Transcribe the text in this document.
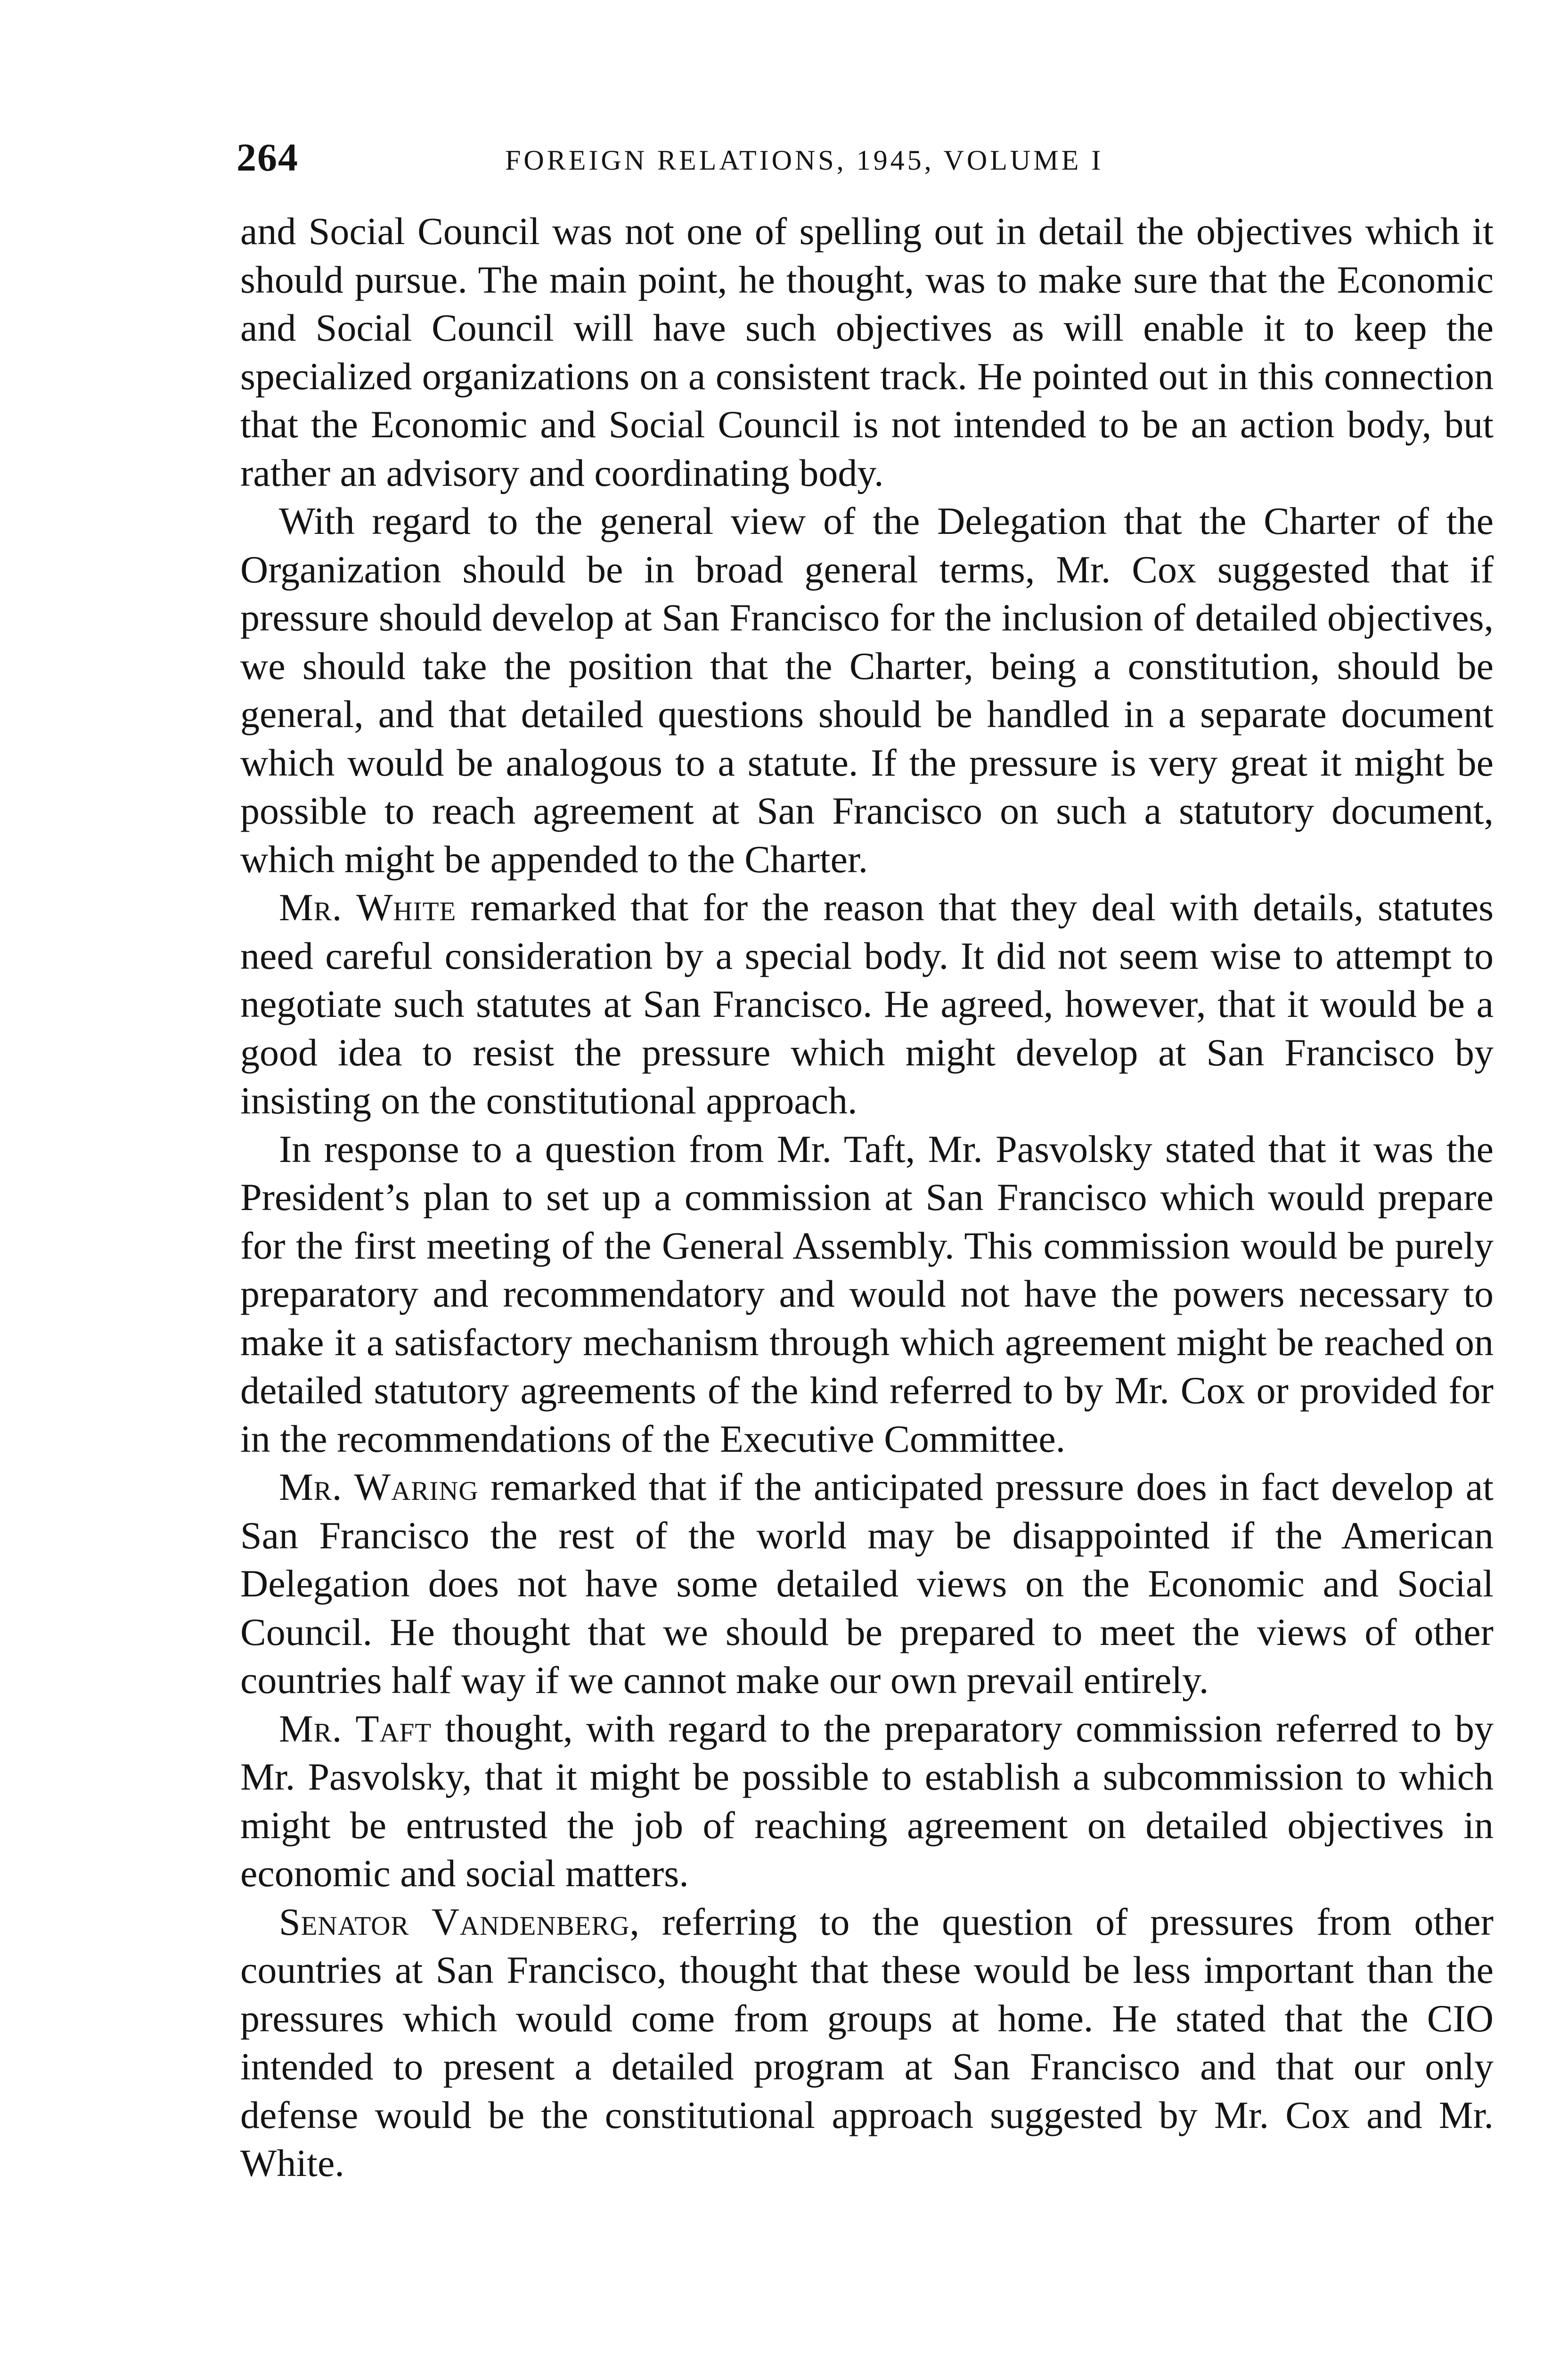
264	FOREIGN RELATIONS, 1945, VOLUME I

and Social Council was not one of spelling out in detail the objectives which it should pursue. The main point, he thought, was to make sure that the Economic and Social Council will have such objectives as will enable it to keep the specialized organizations on a consistent track. He pointed out in this connection that the Economic and Social Council is not intended to be an action body, but rather an advisory and coordinating body.

With regard to the general view of the Delegation that the Charter of the Organization should be in broad general terms, Mr. Cox suggested that if pressure should develop at San Francisco for the inclusion of detailed objectives, we should take the position that the Charter, being a constitution, should be general, and that detailed questions should be handled in a separate document which would be analogous to a statute. If the pressure is very great it might be possible to reach agreement at San Francisco on such a statutory document, which might be appended to the Charter.

Mr. White remarked that for the reason that they deal with details, statutes need careful consideration by a special body. It did not seem wise to attempt to negotiate such statutes at San Francisco. He agreed, however, that it would be a good idea to resist the pressure which might develop at San Francisco by insisting on the constitutional approach.

In response to a question from Mr. Taft, Mr. Pasvolsky stated that it was the President’s plan to set up a commission at San Francisco which would prepare for the first meeting of the General Assembly. This commission would be purely preparatory and recommendatory and would not have the powers necessary to make it a satisfactory mechanism through which agreement might be reached on detailed statutory agreements of the kind referred to by Mr. Cox or provided for in the recommendations of the Executive Committee.

Mr. Waring remarked that if the anticipated pressure does in fact develop at San Francisco the rest of the world may be disappointed if the American Delegation does not have some detailed views on the Economic and Social Council. He thought that we should be prepared to meet the views of other countries half way if we cannot make our own prevail entirely.

Mr. Taft thought, with regard to the preparatory commission referred to by Mr. Pasvolsky, that it might be possible to establish a subcommission to which might be entrusted the job of reaching agreement on detailed objectives in economic and social matters.

Senator Vandenberg, referring to the question of pressures from other countries at San Francisco, thought that these would be less important than the pressures which would come from groups at home. He stated that the CIO intended to present a detailed program at San Francisco and that our only defense would be the constitutional approach suggested by Mr. Cox and Mr. White.
